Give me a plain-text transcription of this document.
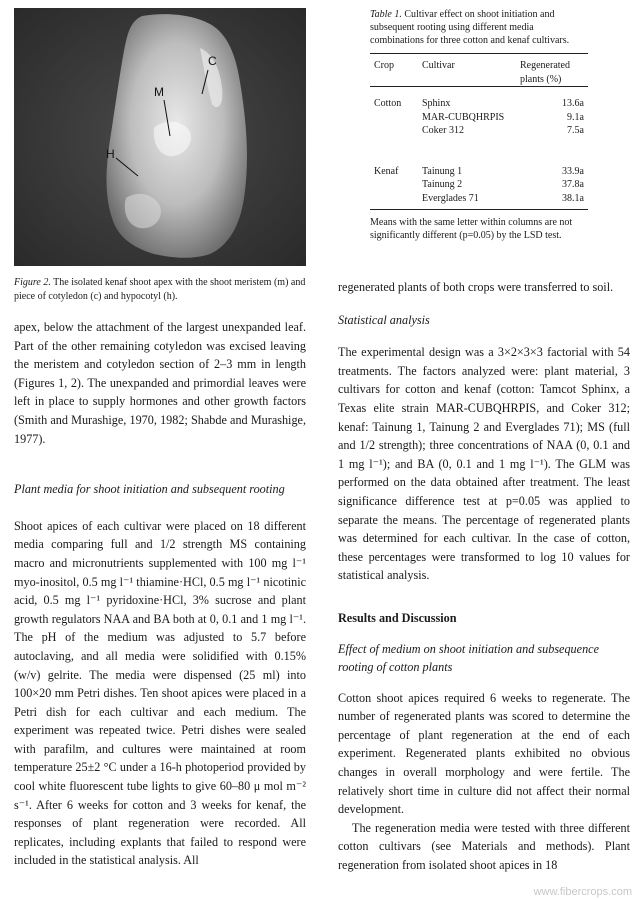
C
M
H

Figure 2. The isolated kenaf shoot apex with the shoot meristem (m) and piece of cotyledon (c) and hypocotyl (h).

Table 1. Cultivar effect on shoot initiation and subsequent rooting using different media combinations for three cotton and kenaf cultivars.

Crop	Cultivar	Regenerated
plants (%)

Cotton	Sphinx	13.6a
	MAR-CUBQHRPIS	9.1a
	Coker 312	7.5a

Kenaf	Tainung 1	33.9a
	Tainung 2	37.8a
	Everglades 71	38.1a

Means with the same letter within columns are not significantly different (p=0.05) by the LSD test.

apex, below the attachment of the largest unexpanded leaf. Part of the other remaining cotyledon was excised leaving the meristem and cotyledon section of 2–3 mm in length (Figures 1, 2). The unexpanded and primordial leaves were left in place to supply hormones and other growth factors (Smith and Murashige, 1970, 1982; Shabde and Murashige, 1977).

Plant media for shoot initiation and subsequent rooting

Shoot apices of each cultivar were placed on 18 different media comparing full and 1/2 strength MS containing macro and micronutrients supplemented with 100 mg l⁻¹ myo-inositol, 0.5 mg l⁻¹ thiamine·HCl, 0.5 mg l⁻¹ nicotinic acid, 0.5 mg l⁻¹ pyridoxine·HCl, 3% sucrose and plant growth regulators NAA and BA both at 0, 0.1 and 1 mg l⁻¹. The pH of the medium was adjusted to 5.7 before autoclaving, and all media were solidified with 0.15% (w/v) gelrite. The media were dispensed (25 ml) into 100×20 mm Petri dishes. Ten shoot apices were placed in a Petri dish for each cultivar and each medium. The experiment was repeated twice. Petri dishes were sealed with parafilm, and cultures were maintained at room temperature 25±2 °C under a 16-h photoperiod provided by cool white fluorescent tube lights to give 60–80 μ mol m⁻² s⁻¹. After 6 weeks for cotton and 3 weeks for kenaf, the responses of plant regeneration were recorded. All replicates, including explants that failed to respond were included in the statistical analysis. All

regenerated plants of both crops were transferred to soil.

Statistical analysis

The experimental design was a 3×2×3×3 factorial with 54 treatments. The factors analyzed were: plant material, 3 cultivars for cotton and kenaf (cotton: Tamcot Sphinx, a Texas elite strain MAR-CUBQHRPIS, and Coker 312; kenaf: Tainung 1, Tainung 2 and Everglades 71); MS (full and 1/2 strength); three concentrations of NAA (0, 0.1 and 1 mg l⁻¹); and BA (0, 0.1 and 1 mg l⁻¹). The GLM was performed on the data obtained after treatment. The least significance difference test at p=0.05 was applied to separate the means. The percentage of regenerated plants was determined for each cultivar. In the case of cotton, these percentages were transformed to log 10 values for statistical analysis.

Results and Discussion

Effect of medium on shoot initiation and subsequence rooting of cotton plants

Cotton shoot apices required 6 weeks to regenerate. The number of regenerated plants was scored to determine the percentage of plant regeneration at the end of each experiment. Regenerated plants exhibited no obvious changes in overall morphology and were fertile. The relatively short time in culture did not affect their normal development.

The regeneration media were tested with three different cotton cultivars (see Materials and methods). Plant regeneration from isolated shoot apices in 18

www.fibercrops.com
